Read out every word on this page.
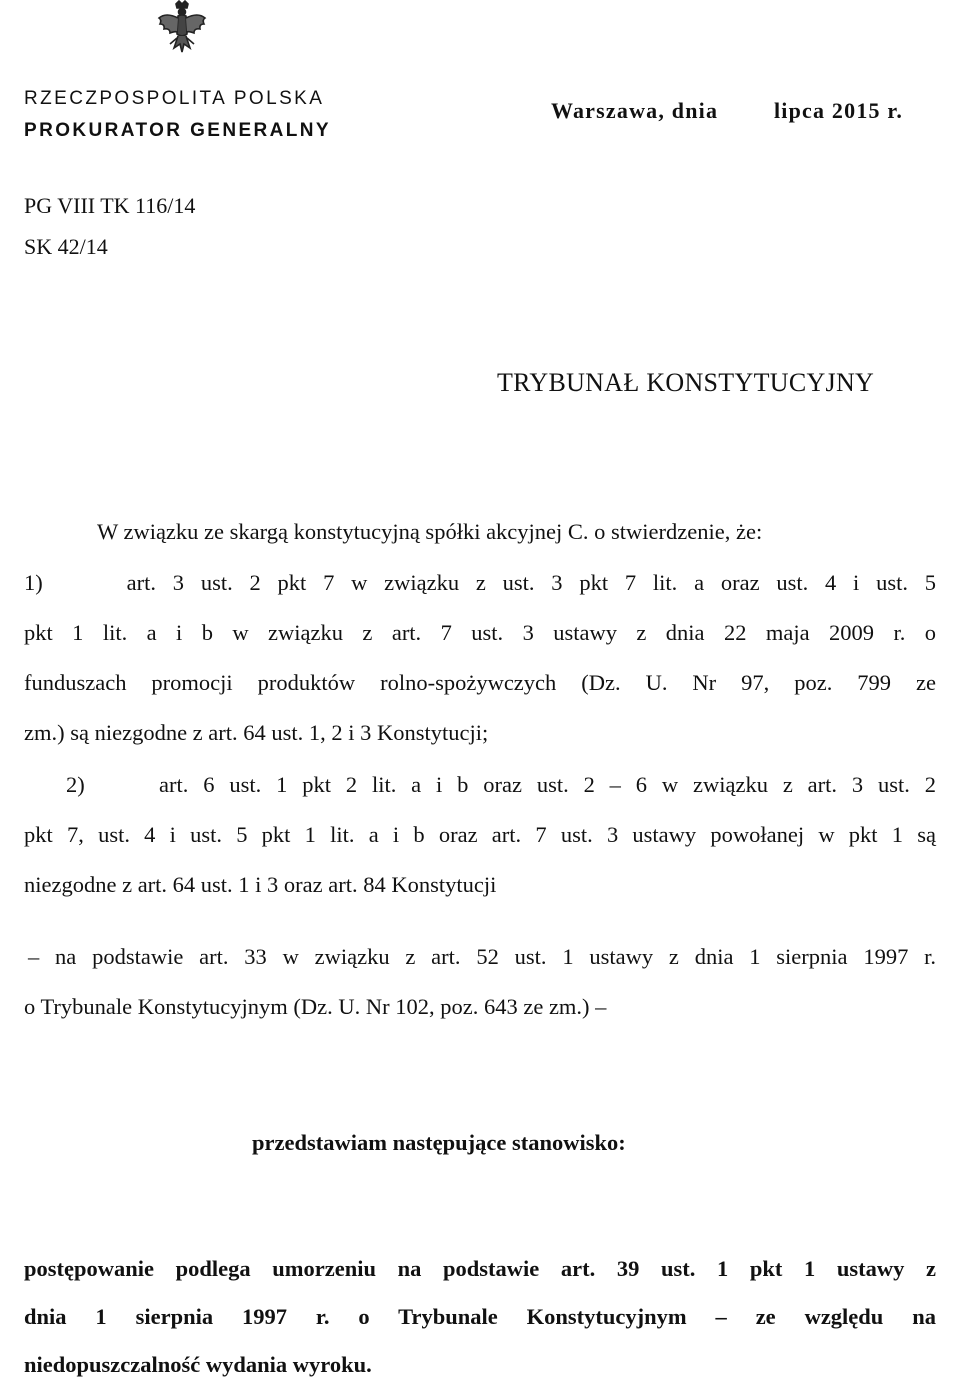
RZECZPOSPOLITA POLSKA
PROKURATOR GENERALNY
Warszawa, dnia	lipca 2015 r.
PG VIII TK 116/14
SK 42/14
TRYBUNAŁ KONSTYTUCYJNY
W związku ze skargą konstytucyjną spółki akcyjnej C. o stwierdzenie, że:
1)     art. 3 ust. 2 pkt 7 w związku z ust. 3 pkt 7 lit. a oraz ust. 4 i ust. 5
pkt 1 lit. a i b w związku z art. 7 ust. 3 ustawy z dnia 22 maja 2009 r. o
funduszach promocji produktów rolno-spożywczych (Dz. U. Nr 97, poz. 799 ze
zm.) są niezgodne z art. 64 ust. 1, 2 i 3 Konstytucji;
2)     art. 6 ust. 1 pkt 2 lit. a i b oraz ust. 2 – 6 w związku z art. 3 ust. 2
pkt 7, ust. 4 i ust. 5 pkt 1 lit. a i b oraz art. 7 ust. 3 ustawy powołanej w pkt 1 są
niezgodne z art. 64 ust. 1 i 3 oraz art. 84 Konstytucji
– na podstawie art. 33 w związku z art. 52 ust. 1 ustawy z dnia 1 sierpnia 1997 r.
o Trybunale Konstytucyjnym (Dz. U. Nr 102, poz. 643 ze zm.) –
przedstawiam następujące stanowisko:
postępowanie podlega umorzeniu na podstawie art. 39 ust. 1 pkt 1 ustawy z
dnia 1 sierpnia 1997 r. o Trybunale Konstytucyjnym – ze względu na
niedopuszczalność wydania wyroku.
